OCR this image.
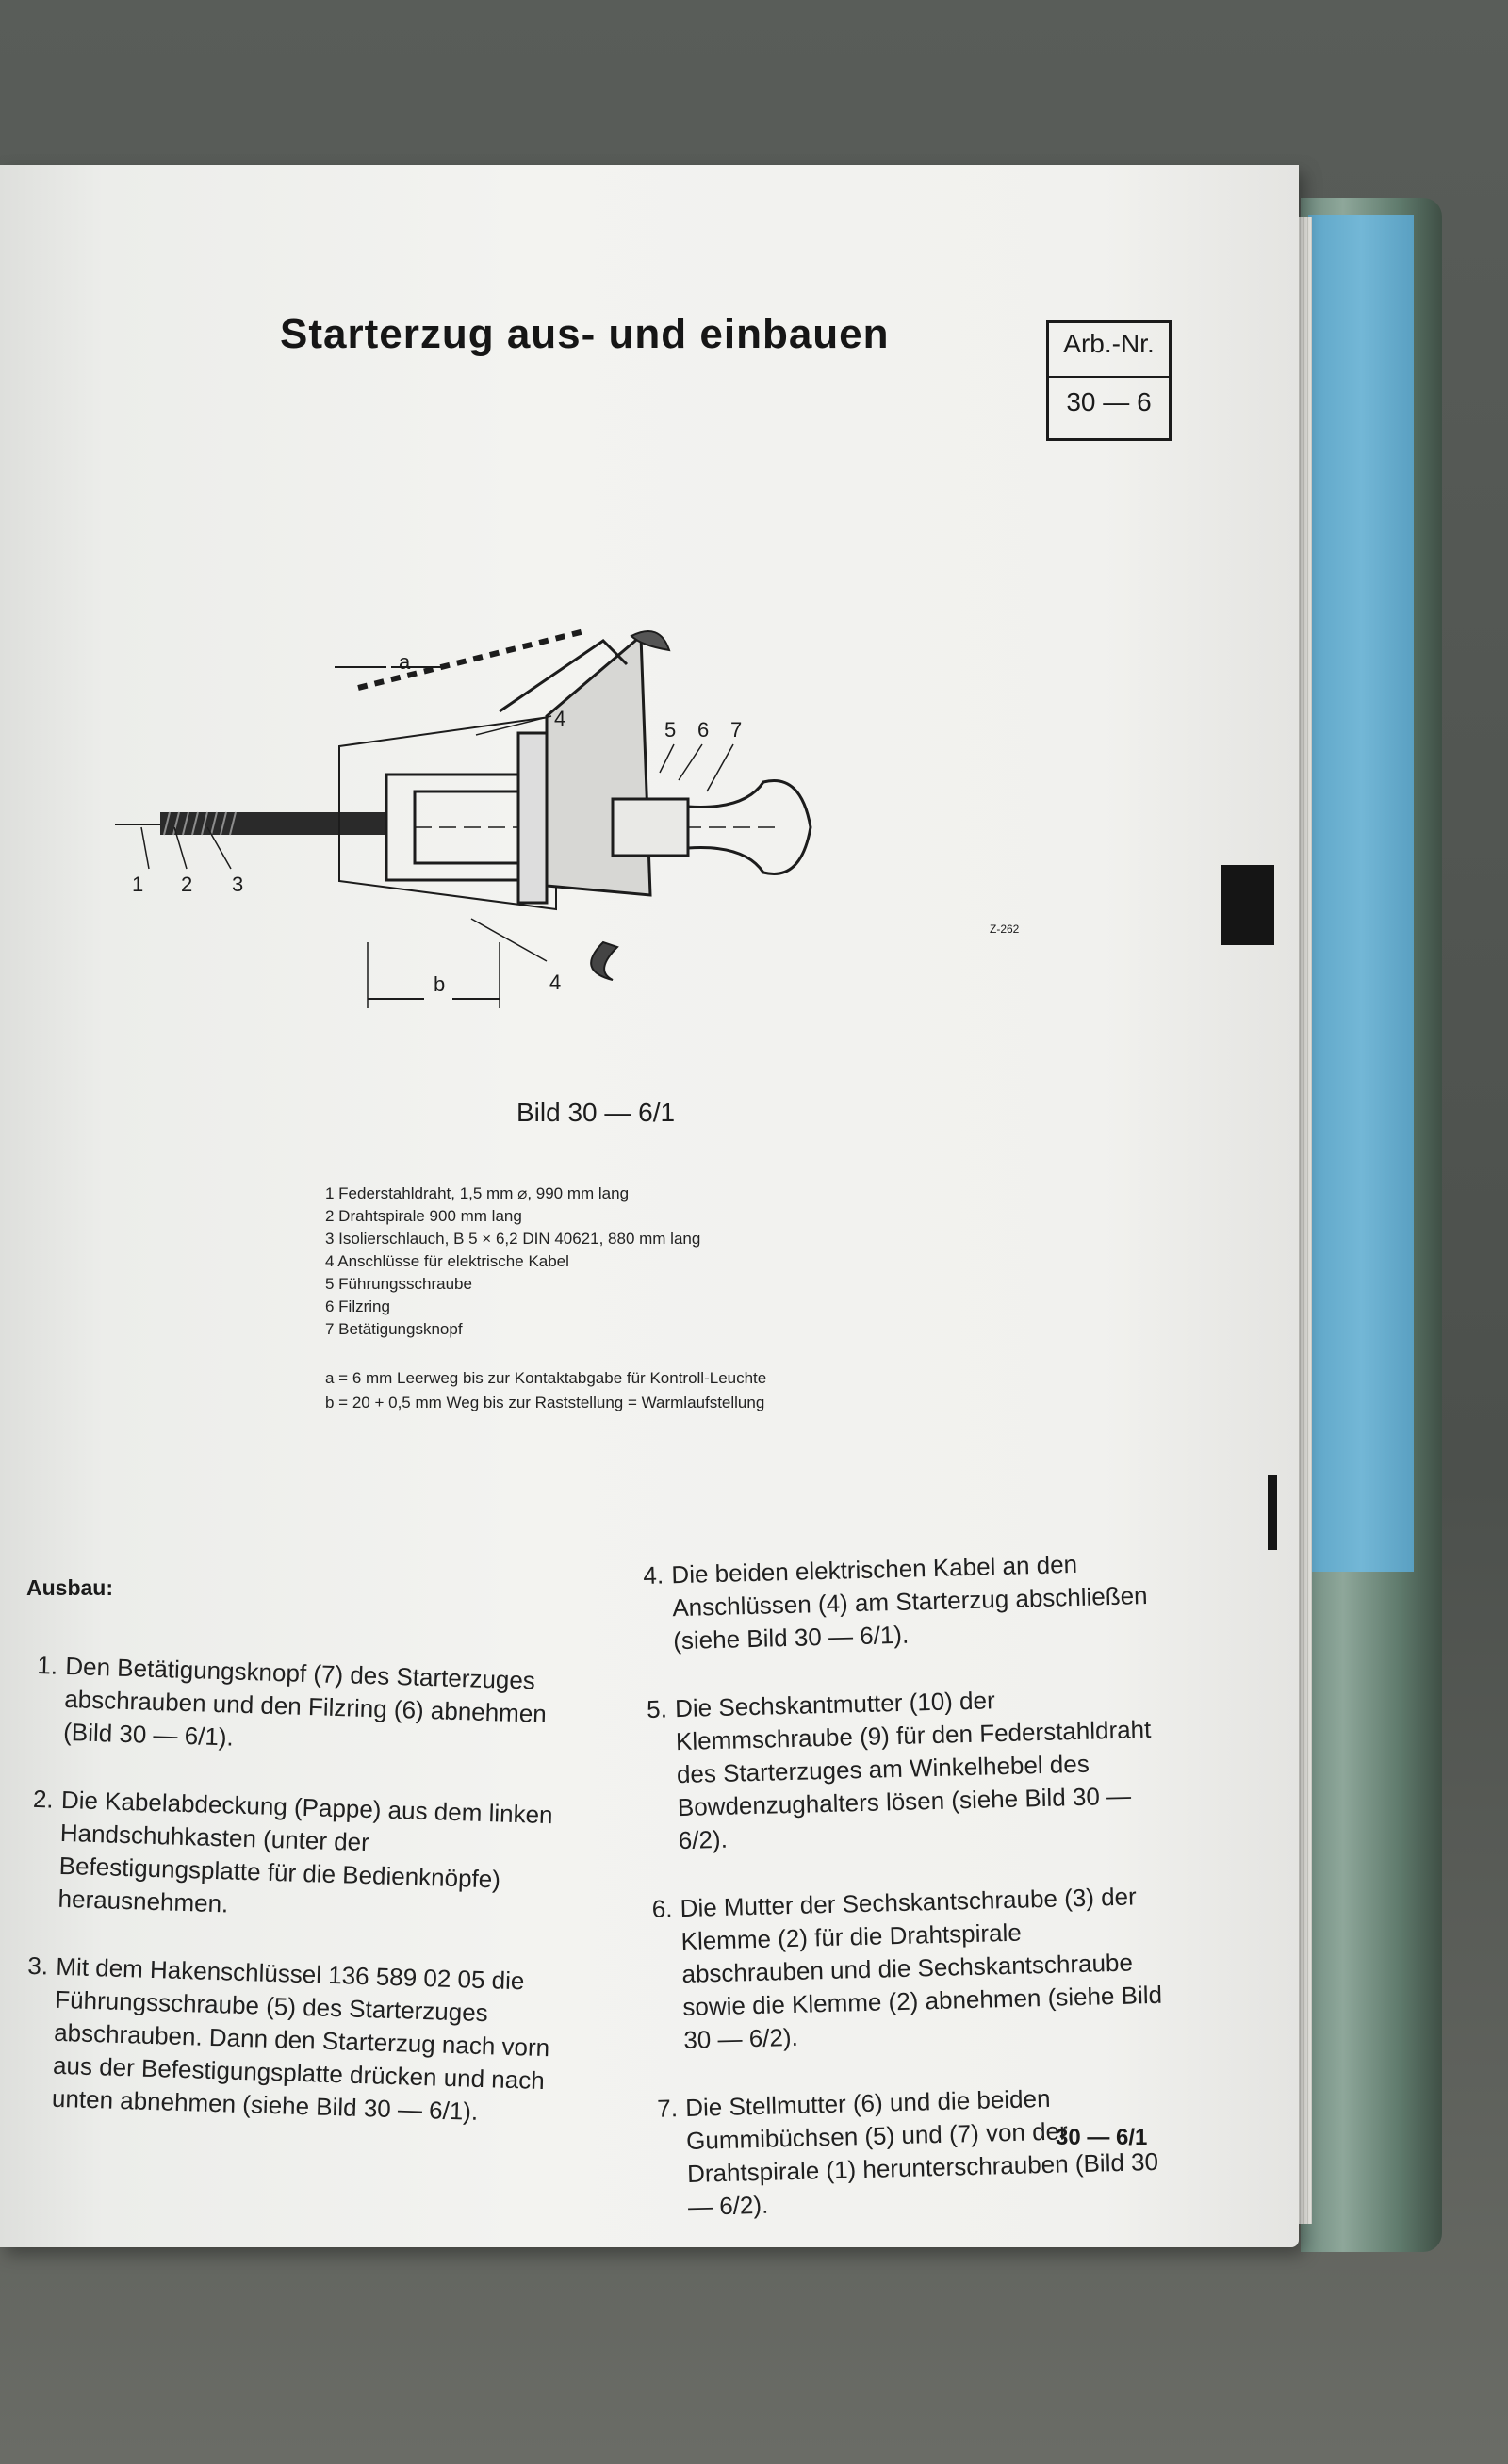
Starterzug aus- und einbauen	Arb.-Nr.
30 — 6
a
b
1 2 3
4
4
5 6 7
Z-262
Bild 30 — 6/1
1 Federstahldraht, 1,5 mm ⌀, 990 mm lang
2 Drahtspirale 900 mm lang
3 Isolierschlauch, B 5 × 6,2 DIN 40621, 880 mm lang
4 Anschlüsse für elektrische Kabel
5 Führungsschraube
6 Filzring
7 Betätigungsknopf
a = 6 mm Leerweg bis zur Kontaktabgabe für Kontroll-Leuchte
b = 20 + 0,5 mm Weg bis zur Raststellung = Warmlaufstellung
Ausbau:
1. Den Betätigungsknopf (7) des Starterzuges abschrauben und den Filzring (6) abnehmen (Bild 30 — 6/1).
2. Die Kabelabdeckung (Pappe) aus dem linken Handschuhkasten (unter der Befestigungsplatte für die Bedienknöpfe) herausnehmen.
3. Mit dem Hakenschlüssel 136 589 02 05 die Führungsschraube (5) des Starterzuges abschrauben. Dann den Starterzug nach vorn aus der Befestigungsplatte drücken und nach unten abnehmen (siehe Bild 30 — 6/1).
4. Die beiden elektrischen Kabel an den Anschlüssen (4) am Starterzug abschließen (siehe Bild 30 — 6/1).
5. Die Sechskantmutter (10) der Klemmschraube (9) für den Federstahldraht des Starterzuges am Winkelhebel des Bowdenzughalters lösen (siehe Bild 30 — 6/2).
6. Die Mutter der Sechskantschraube (3) der Klemme (2) für die Drahtspirale abschrauben und die Sechskantschraube sowie die Klemme (2) abnehmen (siehe Bild 30 — 6/2).
7. Die Stellmutter (6) und die beiden Gummibüchsen (5) und (7) von der Drahtspirale (1) herunterschrauben (Bild 30 — 6/2).
30 — 6/1
